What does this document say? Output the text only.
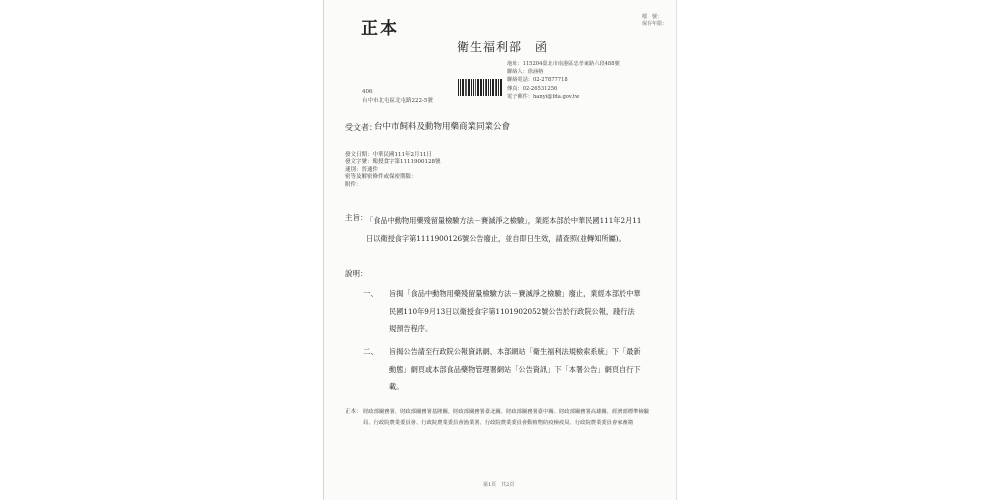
正本
檔　號：
保存年限：
衛生福利部　函
地址：115204臺北市南港區忠孝東路六段488號
聯絡人：徐涵榕
聯絡電話：02-27877718
傳真：02-26531256
電子郵件：hanyi@fda.gov.tw
406
台中市北屯區北屯路222-5號
受文者：
台中市飼料及動物用藥商業同業公會
發文日期：中華民國111年2月11日
發文字號：衛授食字第1111900128號
速別：普通件
密等及解密條件或保密期限：
附件：
主旨：
「食品中動物用藥殘留量檢驗方法－賽滅淨之檢驗」，業經本部於中華民國111年2月11日以衛授食字第1111900126號公告廢止，並自即日生效，請查照(並轉知所屬)。
說明：
一、 旨揭「食品中動物用藥殘留量檢驗方法－賽滅淨之檢驗」廢止，業經本部於中華民國110年9月13日以衛授食字第1101902052號公告於行政院公報，踐行法規預告程序。
二、 旨揭公告請至行政院公報資訊網、本部網站「衛生福利法規檢索系統」下「最新動態」網頁或本部食品藥物管理署網站「公告資訊」下「本署公告」網頁自行下載。
正本： 財政部關務署、財政部關務署基隆關、財政部關務署臺北關、財政部關務署臺中關、財政部關務署高雄關、經濟部標準檢驗局、行政院農業委員會、行政院農業委員會漁業署、行政院農業委員會動植物防疫檢疫局、行政院農業委員會家畜衛
第1頁　共2頁
